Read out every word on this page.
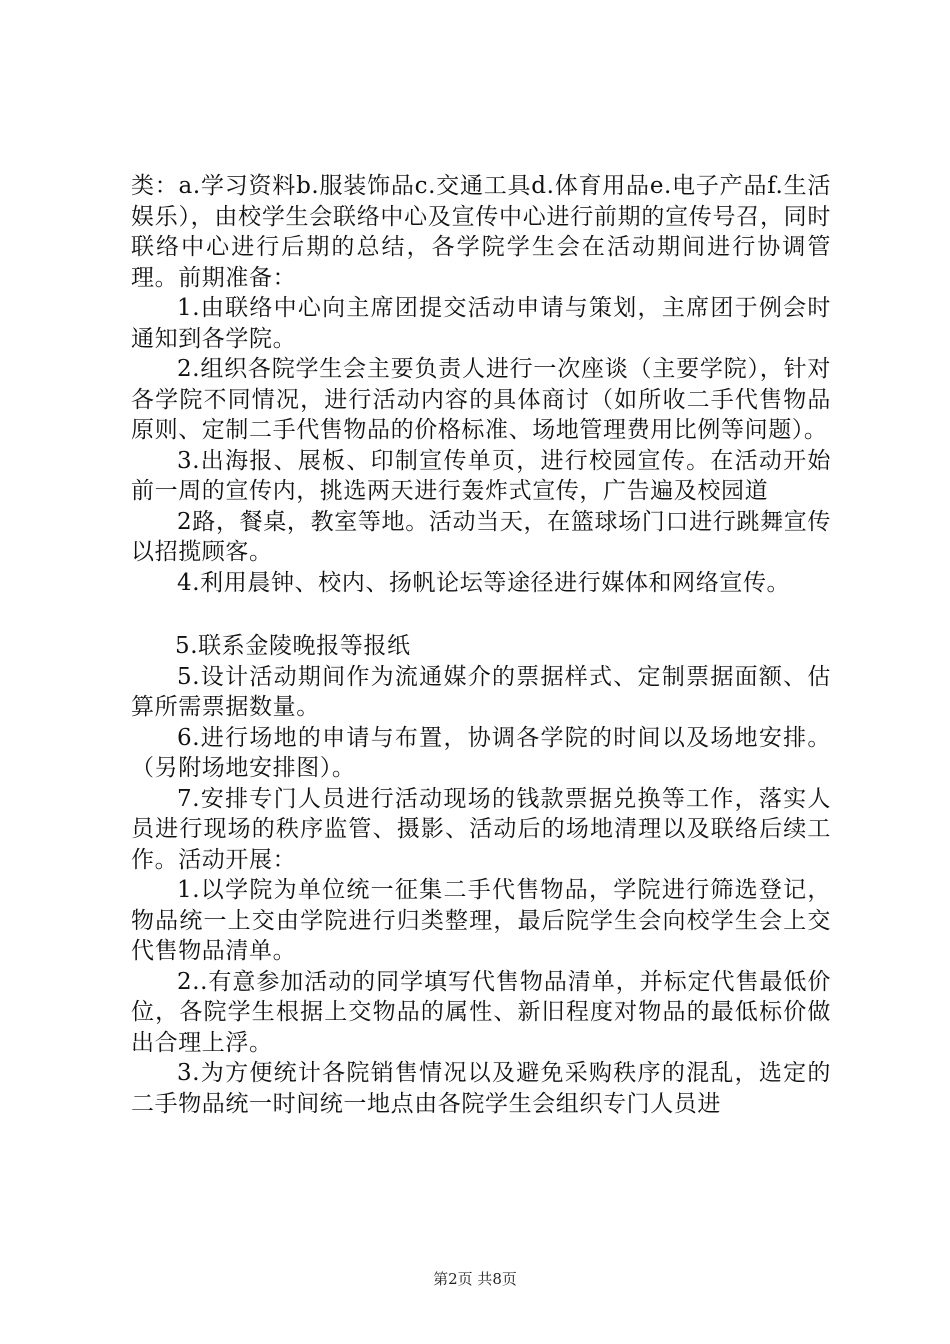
类：a.学习资料b.服装饰品c.交通工具d.体育用品e.电子产品f.生活娱乐），由校学生会联络中心及宣传中心进行前期的宣传号召，同时联络中心进行后期的总结，各学院学生会在活动期间进行协调管理。前期准备：

1.由联络中心向主席团提交活动申请与策划，主席团于例会时通知到各学院。

2.组织各院学生会主要负责人进行一次座谈（主要学院），针对各学院不同情况，进行活动内容的具体商讨（如所收二手代售物品原则、定制二手代售物品的价格标准、场地管理费用比例等问题）。

3.出海报、展板、印制宣传单页，进行校园宣传。在活动开始前一周的宣传内，挑选两天进行轰炸式宣传，广告遍及校园道

2路，餐桌，教室等地。活动当天，在篮球场门口进行跳舞宣传以招揽顾客。

4.利用晨钟、校内、扬帆论坛等途径进行媒体和网络宣传。

5.联系金陵晚报等报纸

5.设计活动期间作为流通媒介的票据样式、定制票据面额、估算所需票据数量。

6.进行场地的申请与布置，协调各学院的时间以及场地安排。（另附场地安排图）。

7.安排专门人员进行活动现场的钱款票据兑换等工作，落实人员进行现场的秩序监管、摄影、活动后的场地清理以及联络后续工作。活动开展：

1.以学院为单位统一征集二手代售物品，学院进行筛选登记，物品统一上交由学院进行归类整理，最后院学生会向校学生会上交代售物品清单。

2..有意参加活动的同学填写代售物品清单，并标定代售最低价位，各院学生根据上交物品的属性、新旧程度对物品的最低标价做出合理上浮。

3.为方便统计各院销售情况以及避免采购秩序的混乱，选定的二手物品统一时间统一地点由各院学生会组织专门人员进

第2页 共8页
